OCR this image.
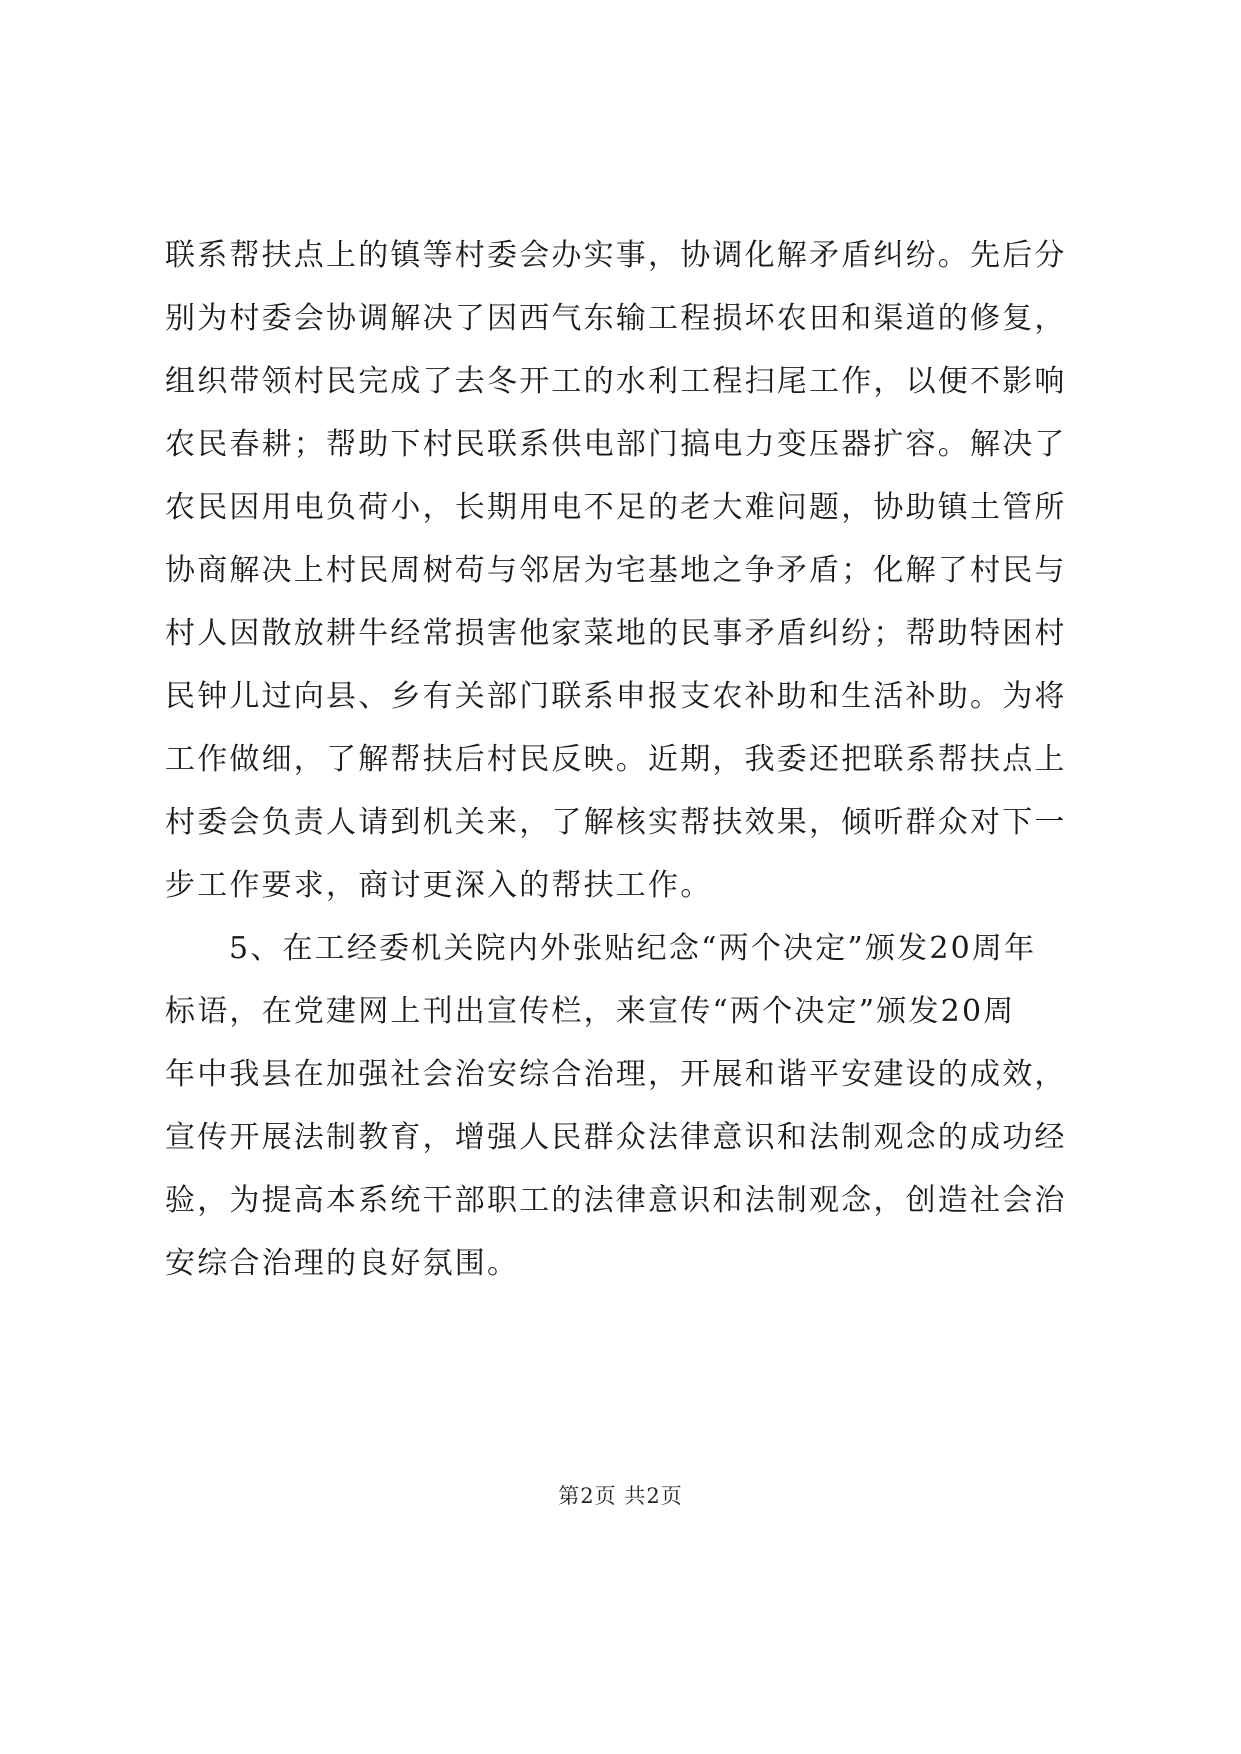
联系帮扶点上的镇等村委会办实事，协调化解矛盾纠纷。先后分
别为村委会协调解决了因西气东输工程损坏农田和渠道的修复，
组织带领村民完成了去冬开工的水利工程扫尾工作，以便不影响
农民春耕；帮助下村民联系供电部门搞电力变压器扩容。解决了
农民因用电负荷小，长期用电不足的老大难问题，协助镇土管所
协商解决上村民周树苟与邻居为宅基地之争矛盾；化解了村民与
村人因散放耕牛经常损害他家菜地的民事矛盾纠纷；帮助特困村
民钟儿过向县、乡有关部门联系申报支农补助和生活补助。为将
工作做细，了解帮扶后村民反映。近期，我委还把联系帮扶点上
村委会负责人请到机关来，了解核实帮扶效果，倾听群众对下一
步工作要求，商讨更深入的帮扶工作。
5、在工经委机关院内外张贴纪念“两个决定”颁发20周年
标语，在党建网上刊出宣传栏，来宣传“两个决定”颁发20周
年中我县在加强社会治安综合治理，开展和谐平安建设的成效，
宣传开展法制教育，增强人民群众法律意识和法制观念的成功经
验，为提高本系统干部职工的法律意识和法制观念，创造社会治
安综合治理的良好氛围。
第2页 共2页
